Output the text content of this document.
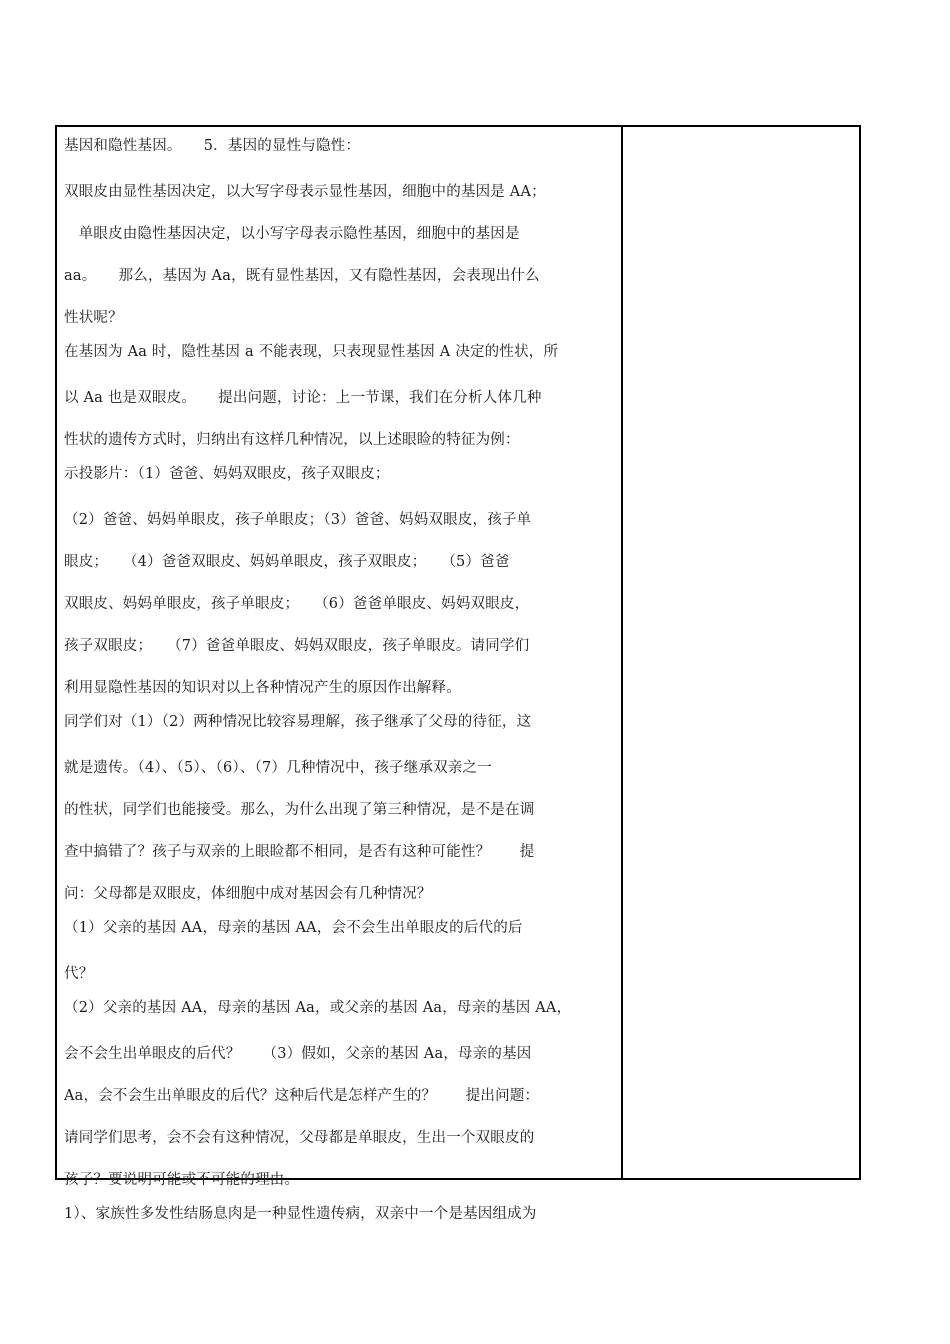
基因和隐性基因。　　5．基因的显性与隐性：

双眼皮由显性基因决定，以大写字母表示显性基因，细胞中的基因是 AA；

　单眼皮由隐性基因决定，以小写字母表示隐性基因，细胞中的基因是

aa。　　那么，基因为 Aa，既有显性基因，又有隐性基因，会表现出什么

性状呢？

在基因为 Aa 时，隐性基因 a 不能表现，只表现显性基因 A 决定的性状，所

以 Aa 也是双眼皮。　　提出问题，讨论：上一节课，我们在分析人体几种

性状的遗传方式时，归纳出有这样几种情况，以上述眼睑的特征为例：

示投影片：（1）爸爸、妈妈双眼皮，孩子双眼皮；

（2）爸爸、妈妈单眼皮，孩子单眼皮；（3）爸爸、妈妈双眼皮，孩子单

眼皮；　　（4）爸爸双眼皮、妈妈单眼皮，孩子双眼皮；　　（5）爸爸

双眼皮、妈妈单眼皮，孩子单眼皮；　　（6）爸爸单眼皮、妈妈双眼皮，

孩子双眼皮；　　（7）爸爸单眼皮、妈妈双眼皮，孩子单眼皮。请同学们

利用显隐性基因的知识对以上各种情况产生的原因作出解释。

同学们对（1）（2）两种情况比较容易理解，孩子继承了父母的待征，这

就是遗传。（4）、（5）、（6）、（7）几种情况中，孩子继承双亲之一

的性状，同学们也能接受。那么，为什么出现了第三种情况，是不是在调

查中搞错了？孩子与双亲的上眼睑都不相同，是否有这种可能性？　　提

问：父母都是双眼皮，体细胞中成对基因会有几种情况？

（1）父亲的基因 AA，母亲的基因 AA，会不会生出单眼皮的后代的后

代？

（2）父亲的基因 AA，母亲的基因 Aa，或父亲的基因 Aa，母亲的基因 AA，

会不会生出单眼皮的后代？　　（3）假如，父亲的基因 Aa，母亲的基因

Aa，会不会生出单眼皮的后代？这种后代是怎样产生的？　　提出问题：

请同学们思考，会不会有这种情况，父母都是单眼皮，生出一个双眼皮的

孩子？要说明可能或不可能的理由。

1）、家族性多发性结肠息肉是一种显性遗传病，双亲中一个是基因组成为
